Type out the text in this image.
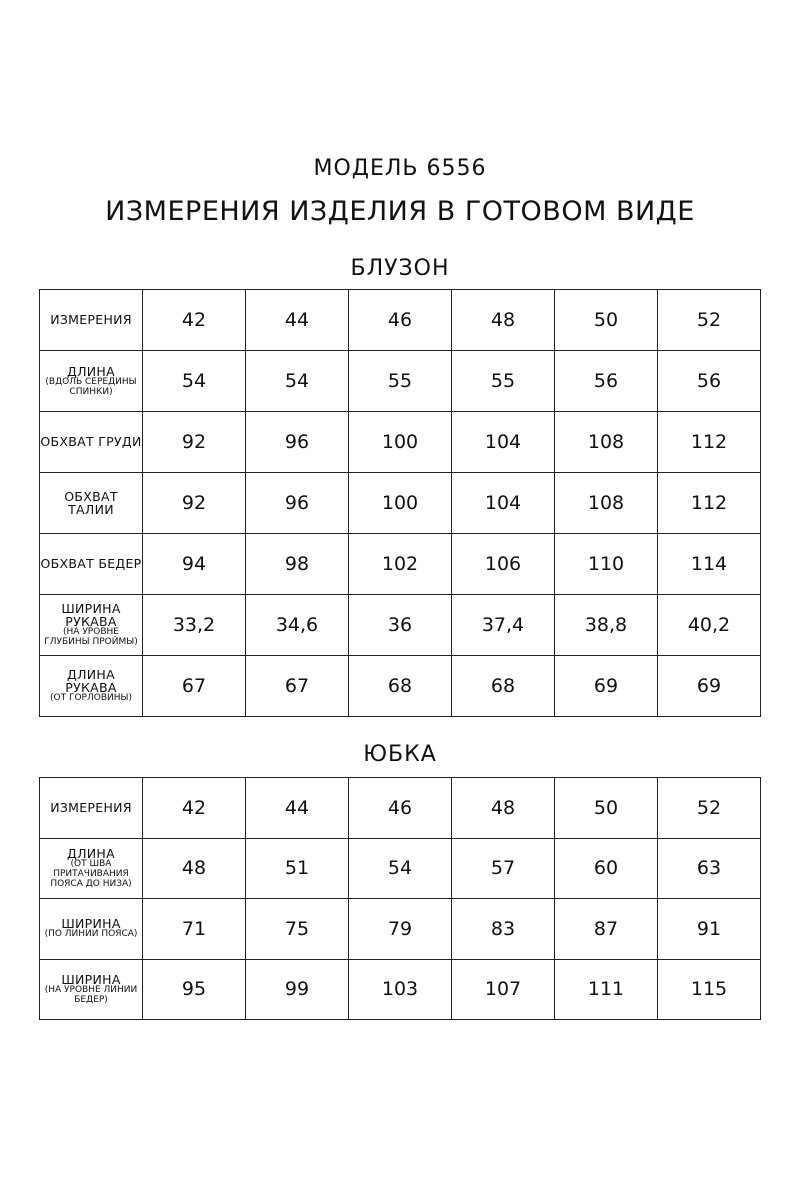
МОДЕЛЬ 6556
ИЗМЕРЕНИЯ ИЗДЕЛИЯ В ГОТОВОМ ВИДЕ
БЛУЗОН
ИЗМЕРЕНИЯ	42	44	46	48	50	52

ДЛИНА
(ВДОЛЬ СЕРЕДИНЫ СПИНКИ)	54	54	55	55	56	56

ОБХВАТ ГРУДИ	92	96	100	104	108	112

ОБХВАТ ТАЛИИ	92	96	100	104	108	112

ОБХВАТ БЕДЕР	94	98	102	106	110	114

ШИРИНА РУКАВА
(НА УРОВНЕ ГЛУБИНЫ ПРОЙМЫ)	33,2	34,6	36	37,4	38,8	40,2

ДЛИНА РУКАВА
(ОТ ГОРЛОВИНЫ)	67	67	68	68	69	69
ЮБКА
ИЗМЕРЕНИЯ	42	44	46	48	50	52

ДЛИНА
(ОТ ШВА ПРИТАЧИВАНИЯ ПОЯСА ДО НИЗА)	48	51	54	57	60	63

ШИРИНА
(ПО ЛИНИИ ПОЯСА)	71	75	79	83	87	91

ШИРИНА
(НА УРОВНЕ ЛИНИИ БЕДЕР)	95	99	103	107	111	115
